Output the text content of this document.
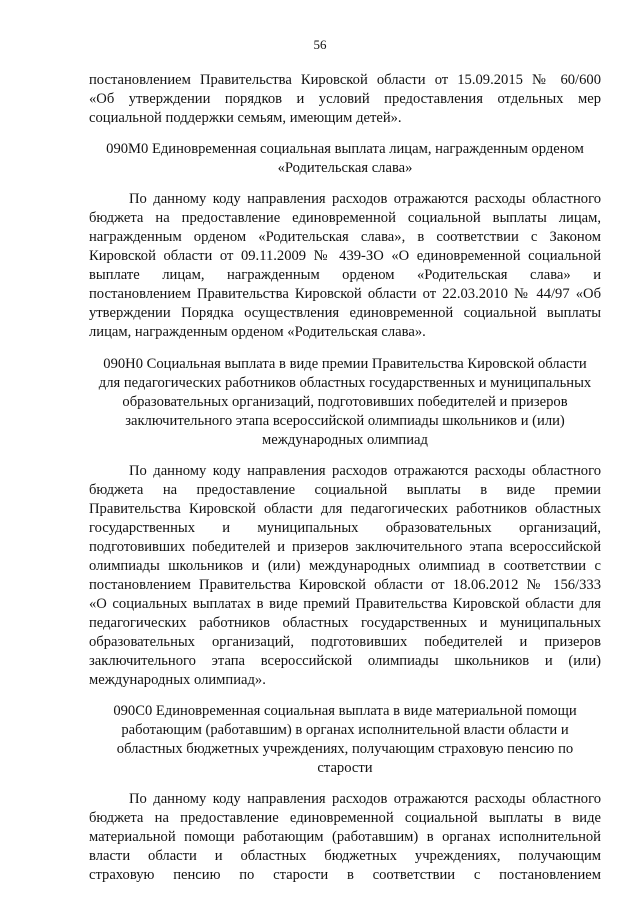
56
постановлением Правительства Кировской области от 15.09.2015 № 60/600
«Об утверждении порядков и условий предоставления отдельных мер
социальной поддержки семьям, имеющим детей».
090М0 Единовременная социальная выплата лицам, награжденным орденом
«Родительская слава»
По данному коду направления расходов отражаются расходы областного
бюджета на предоставление единовременной социальной выплаты лицам,
награжденным орденом «Родительская слава», в соответствии с Законом
Кировской области от 09.11.2009 № 439-ЗО «О единовременной социальной
выплате лицам, награжденным орденом «Родительская слава» и
постановлением Правительства Кировской области от 22.03.2010 № 44/97 «Об
утверждении Порядка осуществления единовременной социальной выплаты
лицам, награжденным орденом «Родительская слава».
090Н0 Социальная выплата в виде премии Правительства Кировской области
для педагогических работников областных государственных и муниципальных
образовательных организаций, подготовивших победителей и призеров
заключительного этапа всероссийской олимпиады школьников и (или)
международных олимпиад
По данному коду направления расходов отражаются расходы областного
бюджета на предоставление социальной выплаты в виде премии
Правительства Кировской области для педагогических работников областных
государственных и муниципальных образовательных организаций,
подготовивших победителей и призеров заключительного этапа всероссийской
олимпиады школьников и (или) международных олимпиад в соответствии с
постановлением Правительства Кировской области от 18.06.2012 № 156/333
«О социальных выплатах в виде премий Правительства Кировской области для
педагогических работников областных государственных и муниципальных
образовательных организаций, подготовивших победителей и призеров
заключительного этапа всероссийской олимпиады школьников и (или)
международных олимпиад».
090С0 Единовременная социальная выплата в виде материальной помощи
работающим (работавшим) в органах исполнительной власти области и
областных бюджетных учреждениях, получающим страховую пенсию по
старости
По данному коду направления расходов отражаются расходы областного
бюджета на предоставление единовременной социальной выплаты в виде
материальной помощи работающим (работавшим) в органах исполнительной
власти области и областных бюджетных учреждениях, получающим
страховую пенсию по старости в соответствии с постановлением
